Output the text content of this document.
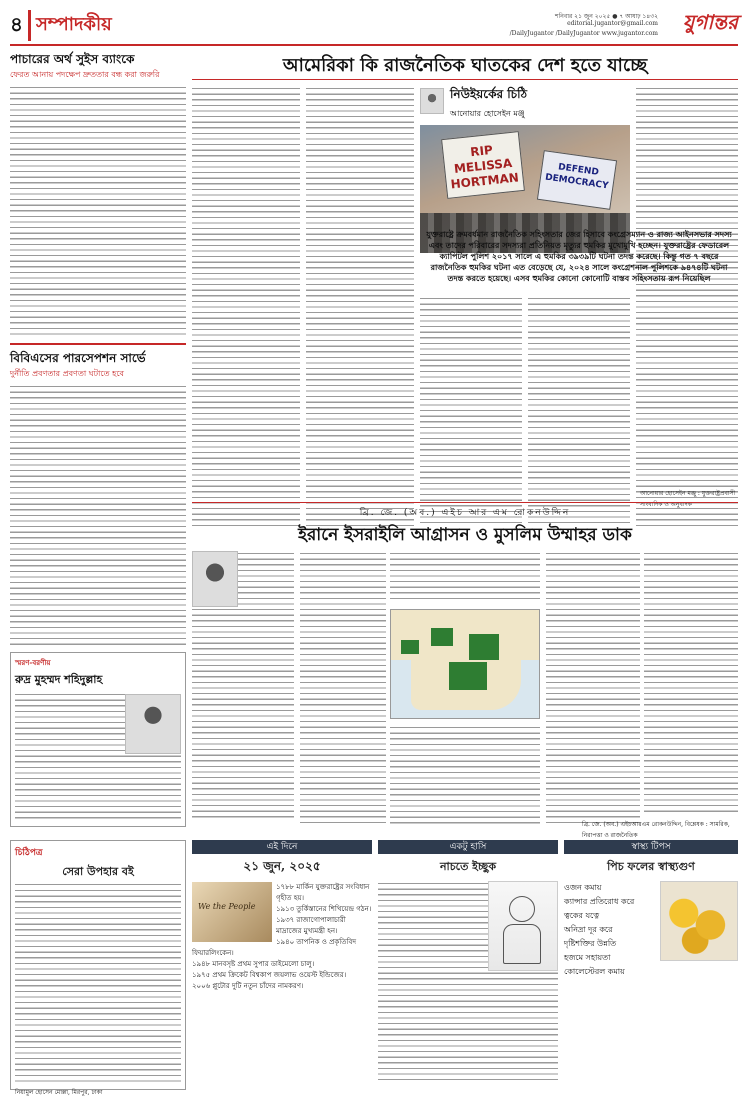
৪ সম্পাদকীয়	শনিবার ২১ জুন ২০২৫ ● ৭ আষাঢ় ১৪৩২
editorial.jugantor@gmail.com
/DailyJugantor /DailyJugantor www.jugantor.com	যুগান্তর
পাচারের অর্থ সুইস ব্যাংকে
ফেরত আনায় পদক্ষেপ দ্রুততার বন্ধ করা জরুরি
বিবিএসের পারসেপশন সার্ভে
দুর্নীতি প্রবণতার প্রবণতা ঘটাতে হবে
স্মরণ-বরণীয়
রুদ্র মুহম্মদ শহিদুল্লাহ
আমেরিকা কি রাজনৈতিক ঘাতকের দেশ হতে যাচ্ছে
নিউইয়র্কের চিঠি
আনোয়ার হোসেইন মঞ্জু
RIP MELISSA HORTMAN
DEFEND DEMOCRACY
যুক্তরাষ্ট্রে ক্রমবর্ধমান রাজনৈতিক সহিংসতার জের হিসাবে কংগ্রেসম্যান ও রাজ্য আইনসভার সদস্য এবং তাদের পরিবারের সদস্যরা প্রতিনিয়ত মৃত্যুর হুমকির মুখোমুখি হচ্ছেন। যুক্তরাষ্ট্রের ফেডারেল ক্যাপিটল পুলিশ ২০১৭ সালে এ হুমকির ৩৯৩৯টি ঘটনা তদন্ত করেছে। কিন্তু গত ৭ বছরে রাজনৈতিক হুমকির ঘটনা এত বেড়েছে যে, ২০২৪ সালে কংগ্রেশনাল পুলিশকে ৯৪৭৪টি ঘটনা তদন্ত করতে হয়েছে। এসব হুমকির কোনো কোনোটি বাস্তব সহিংসতায় রূপ নিয়েছিল
আনোয়ার হোসেইন মঞ্জু : যুক্তরাষ্ট্রপ্রবাসী সাংবাদিক ও অনুবাদক
ব্রি. জে. (অব.) এইচ আর এম রোকনউদ্দিন
ইরানে ইসরাইলি আগ্রাসন ও মুসলিম উম্মাহর ডাক
ব্রি. জে. (অব.) এইচআরএম রোকনউদ্দিন, বিশ্লেষক : সামরিক, নিরাপত্তা ও রাজনৈতিক
চিঠিপত্র
সেরা উপহার বই
নিয়ামুল হোসেন মোল্লা, মিরপুর, ঢাকা
এই দিনে
২১ জুন, ২০২৫
We the People
১৭৮৮ মার্কিন যুক্তরাষ্ট্রের সংবিধান গৃহীত হয়।
১৯১৩ তুর্কিস্তানের শিখিয়েন্দ্র গঠন।
১৯৩৭ রাজাগোপালাচারী মাদ্রাজের মুখ্যমন্ত্রী হন।
১৯৪০ তাপনিক ও প্রকৃতিবিদ ফিয়ারলিংকেন।
১৯৪৮ মানবসৃষ্ট প্রথম সুপার ডাইমেলো চালু।
১৯৭৫ প্রথম ক্রিকেট বিশ্বকাপ জয়লাভ ওয়েস্ট ইন্ডিজের।
২০০৬ প্লুটোর দুটি নতুন চাঁদের নামকরণ।
একটু হাসি
নাচতে ইচ্ছুক
স্বাস্থ্য টিপস
পিচ ফলের স্বাস্থ্যগুণ
ওজন কমায়
ক্যান্সার প্রতিরোধ করে
ত্বকের যত্নে
অনিদ্রা দূর করে
দৃষ্টিশক্তির উন্নতি
হজমে সহায়তা
কোলেস্টেরল কমায়
